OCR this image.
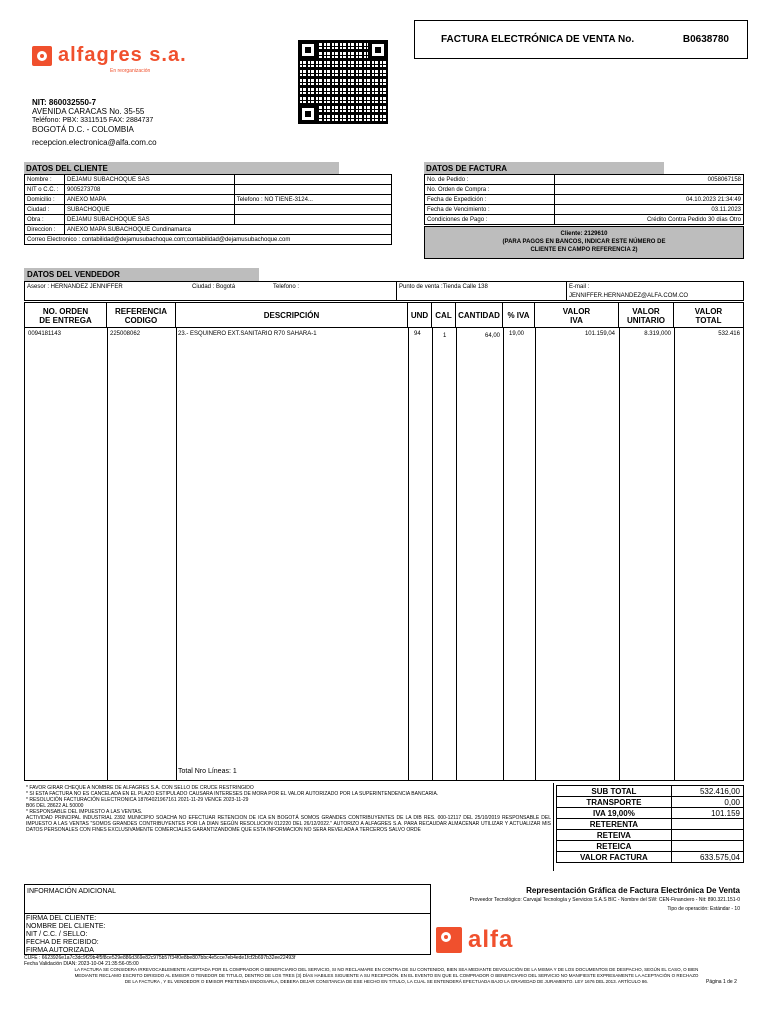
alfagres s.a.
En reorganización
NIT: 860032550-7
AVENIDA CARACAS No. 35-55
Teléfono: PBX: 3311515 FAX: 2884737
BOGOTÁ D.C. - COLOMBIA
recepcion.electronica@alfa.com.co
FACTURA ELECTRÓNICA DE VENTA No.	B0638780
DATOS DEL CLIENTE
Nombre :	DEJAMU SUBACHOQUE SAS	
NIT o C.C. :	9005273708	
Domicilio :	ANEXO MAPA	Telefono : NO TIENE-3124...
Ciudad :	SUBACHOQUE	
Obra :	DEJAMU SUBACHOQUE SAS	
Direccion :	ANEXO MAPA SUBACHOQUE Cundinamarca	
Correo Electronico : contabilidad@dejamusubachoque.com;contabilidad@dejamusubachoque.com		
DATOS DE FACTURA
No. de Pedido :	0058067158
No. Orden de Compra :	
Fecha de Expedición :	04.10.2023 21:34:49
Fecha de Vencimiento :	03.11.2023
Condiciones de Pago :	Crédito Contra Pedido 30 días Otro
Cliente: 2129610
(PARA PAGOS EN BANCOS, INDICAR ESTE NÚMERO DE
CLIENTE EN CAMPO REFERENCIA 2)
DATOS DEL VENDEDOR
Asesor : HERNANDEZ JENNIFFER	Ciudad : Bogotá	Telefono :	Punto de venta :Tienda Calle 138	E-mail :
JENNIFFER.HERNANDEZ@ALFA.COM.CO
NO. ORDEN
DE ENTREGA
REFERENCIA
CODIGO	DESCRIPCIÓN	UND CAL CANTIDAD % IVA	VALOR
IVA
VALOR
UNITARIO
VALOR
TOTAL
0094181143	225008062	23.- ESQUINERO EXT.SANITARIO R70 SAHARA-1	94	1	64,00 19,00	101.159,04	8.319,000	532.416
Total Nro Líneas: 1
* FAVOR GIRAR CHEQUE A NOMBRE DE ALFAGRES S.A. CON SELLO DE CRUCE RESTRINGIDO
* SI ESTA FACTURA NO ES CANCELADA EN EL PLAZO ESTIPULADO CAUSARA INTERESES DE MORA POR EL VALOR AUTORIZADO POR LA SUPERINTENDENCIA BANCARIA.
* RESOLUCIÓN FACTURACIÓN ELECTRONICA 18764021967161 2021-11-29 VENCE 2023-11-29
B06 DEL 28622 AL 50000
* RESPONSABLE DEL IMPUESTO A LAS VENTAS.
ACTIVIDAD PRINCIPAL INDUSTRIAL 2392 MUNICIPIO SOACHA NO EFECTUAR RETENCION DE ICA EN BOGOTÁ SOMOS GRANDES CONTRIBUYENTES DE LA DIB RES. 000-12117 DEL 25/10/2019 RESPONSABLE DEL IMPUESTO A LAS VENTAS "SOMOS GRANDES CONTRIBUYENTES POR LA DIAN SEGÚN RESOLUCION 012220 DEL 26/12/2022." AUTORIZO A ALFAGRES S.A. PARA RECAUDAR ALMACENAR UTILIZAR Y ACTUALIZAR MIS DATOS PERSONALES CON FINES EXCLUSIVAMENTE COMERCIALES GARANTIZANDOME QUE ESTA INFORMACION NO SERA REVELADA A TERCEROS SALVO ORDE
SUB TOTAL	532.416,00
TRANSPORTE	0,00
IVA 19,00%	101.159
RETERENTA	
RETEIVA	
RETEICA	
VALOR FACTURA	633.575,04
INFORMACIÓN ADICIONAL
FIRMA DEL CLIENTE:
NOMBRE DEL CLIENTE:
NIT / C.C. / SELLO:
FECHA DE RECIBIDO:
FIRMA AUTORIZADA
Representación Gráfica de Factura Electrónica De Venta
Proveedor Tecnológico: Carvajal Tecnología y Servicios S.A.S BIC - Nombre del SW: CEN-Financiero - Nit: 890.321.151-0
Tipo de operación: Estándar - 10
alfa
CUFE : 6623926e1a7c3dc9f29b4f5f8ce529e886d369e82c975b57f34f0e8be807bbc4e5cce7eb4ede1fcf2b697b32ee22493f
Fecha Validación DIAN: 2023-10-04 21:35:56-05:00
LA FACTURA SE CONSIDERA IRREVOCABLEMENTE ACEPTADA POR EL COMPRADOR O BENEFICIARIO DEL SERVICIO, SI NO RECLAMARE EN CONTRA DE SU CONTENIDO, BIEN SEA MEDIANTE DEVOLUCIÓN DE LA MISMA Y DE LOS DOCUMENTOS DE DESPACHO, SEGÚN EL CASO, O BIEN MEDIANTE RECLAMO ESCRITO DIRIGIDO AL EMISOR O TENEDOR DE TITULO, DENTRO DE LOS TRES (3) DÍAS HABILES SIGUIENTE A SU RECEPCIÓN. EN EL EVENTO EN QUE EL COMPRADOR O BENEFICIARIO DEL SERVICIO NO MANIFIESTE EXPRESAMENTE LA ACEPTACIÓN O RECHAZO DE LA FACTURA , Y EL VENDEDOR O EMISOR PRETENDA ENDOSARLA, DEBERA DEJAR CONSTANCIA DE ESE HECHO EN TITULO, LA CUAL SE ENTENDERÁ EFECTUADA BAJO LA GRAVEDAD DE JURAMENTO. LEY 1676 DEL 2013. ARTÍCULO 86.	Página 1 de 2
